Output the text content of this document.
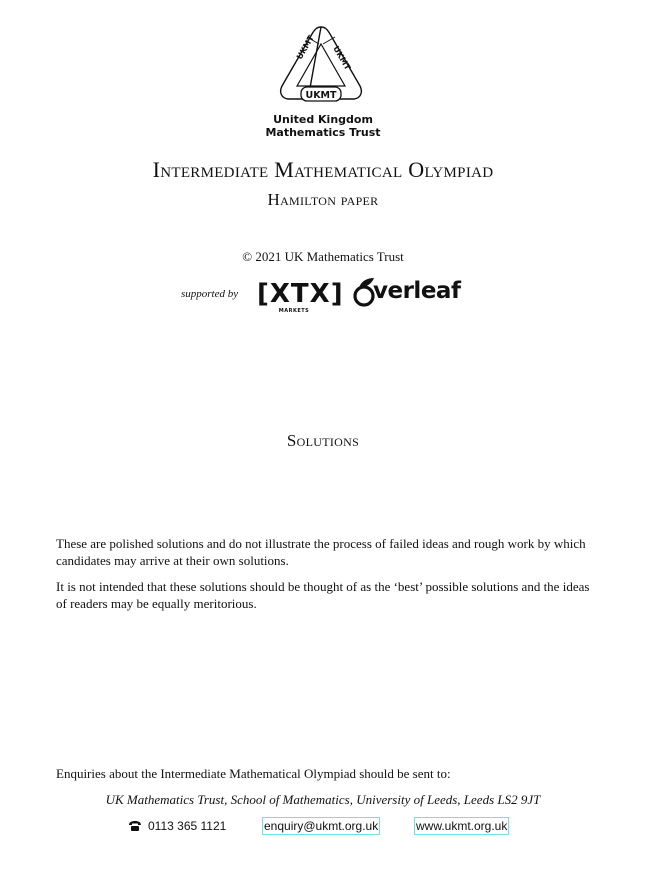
UKMT UKMT
UKMT
United Kingdom
Mathematics Trust
Intermediate Mathematical Olympiad
Hamilton paper
© 2021 UK Mathematics Trust
supported by [XTX]
MARKETS
verleaf
Solutions
These are polished solutions and do not illustrate the process of failed ideas and rough work by which candidates may arrive at their own solutions.
It is not intended that these solutions should be thought of as the ‘best’ possible solutions and the ideas of readers may be equally meritorious.
Enquiries about the Intermediate Mathematical Olympiad should be sent to:
UK Mathematics Trust, School of Mathematics, University of Leeds, Leeds LS2 9JT
0113 365 1121	enquiry@ukmt.org.uk	www.ukmt.org.uk
